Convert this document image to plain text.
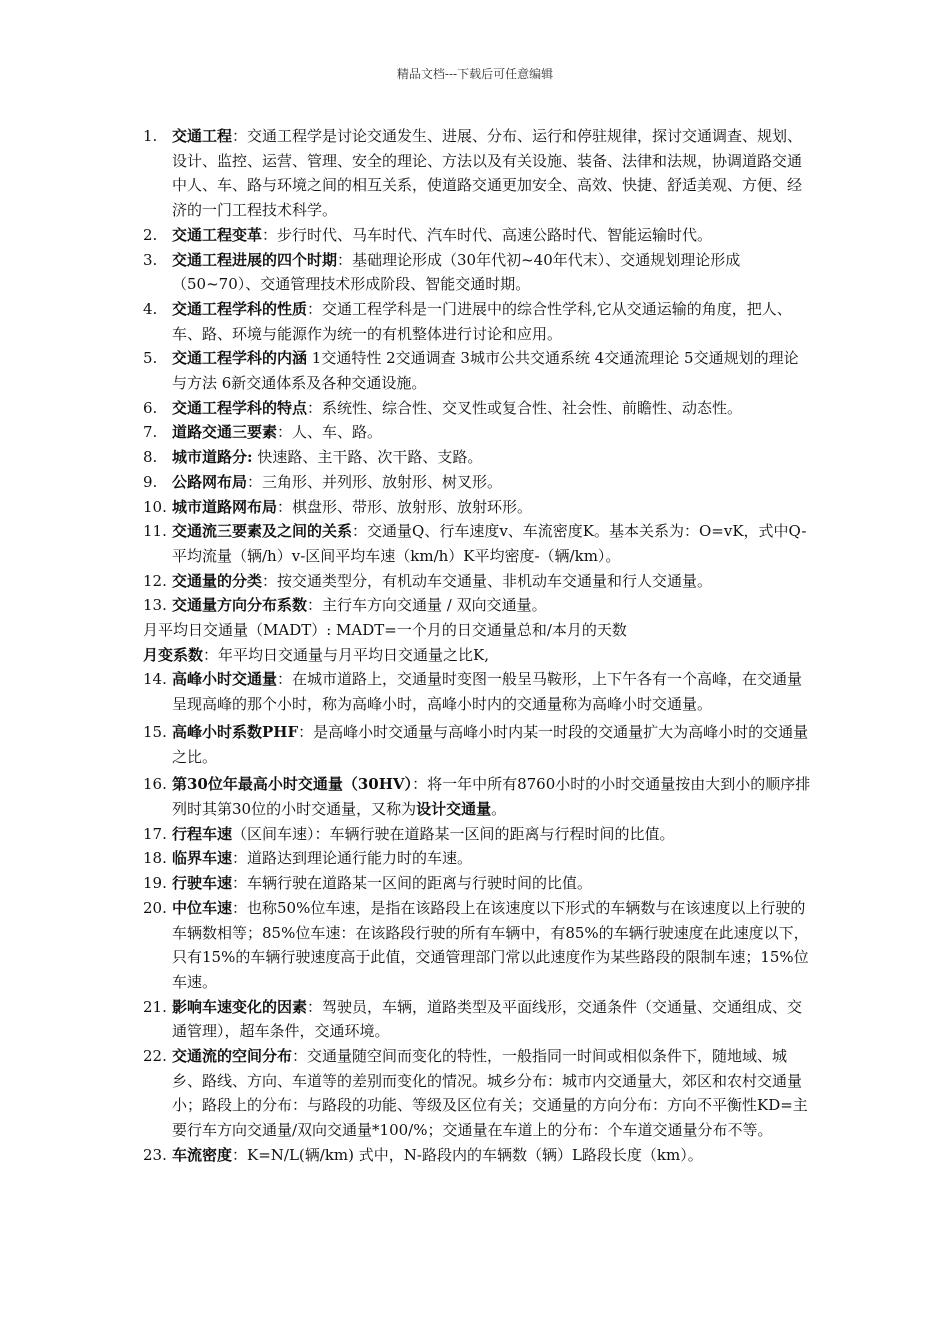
精品文档---下载后可任意编辑
1. 交通工程：交通工程学是讨论交通发生、进展、分布、运行和停驻规律，探讨交通调查、规划、设计、监控、运营、管理、安全的理论、方法以及有关设施、装备、法律和法规，协调道路交通中人、车、路与环境之间的相互关系，使道路交通更加安全、高效、快捷、舒适美观、方便、经济的一门工程技术科学。
2. 交通工程变革：步行时代、马车时代、汽车时代、高速公路时代、智能运输时代。
3. 交通工程进展的四个时期：基础理论形成（30年代初~40年代末）、交通规划理论形成（50~70）、交通管理技术形成阶段、智能交通时期。
4. 交通工程学科的性质：交通工程学科是一门进展中的综合性学科,它从交通运输的角度，把人、车、路、环境与能源作为统一的有机整体进行讨论和应用。
5. 交通工程学科的内涵 1交通特性 2交通调查 3城市公共交通系统 4交通流理论 5交通规划的理论与方法 6新交通体系及各种交通设施。
6. 交通工程学科的特点：系统性、综合性、交叉性或复合性、社会性、前瞻性、动态性。
7. 道路交通三要素：人、车、路。
8. 城市道路分: 快速路、主干路、次干路、支路。
9. 公路网布局：三角形、并列形、放射形、树叉形。
10. 城市道路网布局：棋盘形、带形、放射形、放射环形。
11. 交通流三要素及之间的关系：交通量Q、行车速度v、车流密度K。基本关系为：O=vK，式中Q-平均流量（辆/h）v-区间平均车速（km/h）K平均密度-（辆/km）。
12. 交通量的分类：按交通类型分，有机动车交通量、非机动车交通量和行人交通量。
13. 交通量方向分布系数：主行车方向交通量 / 双向交通量。
月平均日交通量（MADT）: MADT=一个月的日交通量总和/本月的天数
月变系数：年平均日交通量与月平均日交通量之比K,
14. 高峰小时交通量：在城市道路上，交通量时变图一般呈马鞍形，上下午各有一个高峰，在交通量呈现高峰的那个小时，称为高峰小时，高峰小时内的交通量称为高峰小时交通量。
15. 高峰小时系数PHF：是高峰小时交通量与高峰小时内某一时段的交通量扩大为高峰小时的交通量之比。
16. 第30位年最高小时交通量（30HV）：将一年中所有8760小时的小时交通量按由大到小的顺序排列时其第30位的小时交通量，又称为设计交通量。
17. 行程车速（区间车速）：车辆行驶在道路某一区间的距离与行程时间的比值。
18. 临界车速：道路达到理论通行能力时的车速。
19. 行驶车速：车辆行驶在道路某一区间的距离与行驶时间的比值。
20. 中位车速：也称50%位车速，是指在该路段上在该速度以下形式的车辆数与在该速度以上行驶的车辆数相等；85%位车速：在该路段行驶的所有车辆中，有85%的车辆行驶速度在此速度以下，只有15%的车辆行驶速度高于此值，交通管理部门常以此速度作为某些路段的限制车速；15%位车速。
21. 影响车速变化的因素：驾驶员，车辆，道路类型及平面线形，交通条件（交通量、交通组成、交通管理），超车条件，交通环境。
22. 交通流的空间分布：交通量随空间而变化的特性，一般指同一时间或相似条件下，随地域、城乡、路线、方向、车道等的差别而变化的情况。城乡分布：城市内交通量大，郊区和农村交通量小；路段上的分布：与路段的功能、等级及区位有关；交通量的方向分布：方向不平衡性KD=主要行车方向交通量/双向交通量*100/%；交通量在车道上的分布：个车道交通量分布不等。
23. 车流密度：K=N/L(辆/km) 式中，N-路段内的车辆数（辆）L路段长度（km）。
